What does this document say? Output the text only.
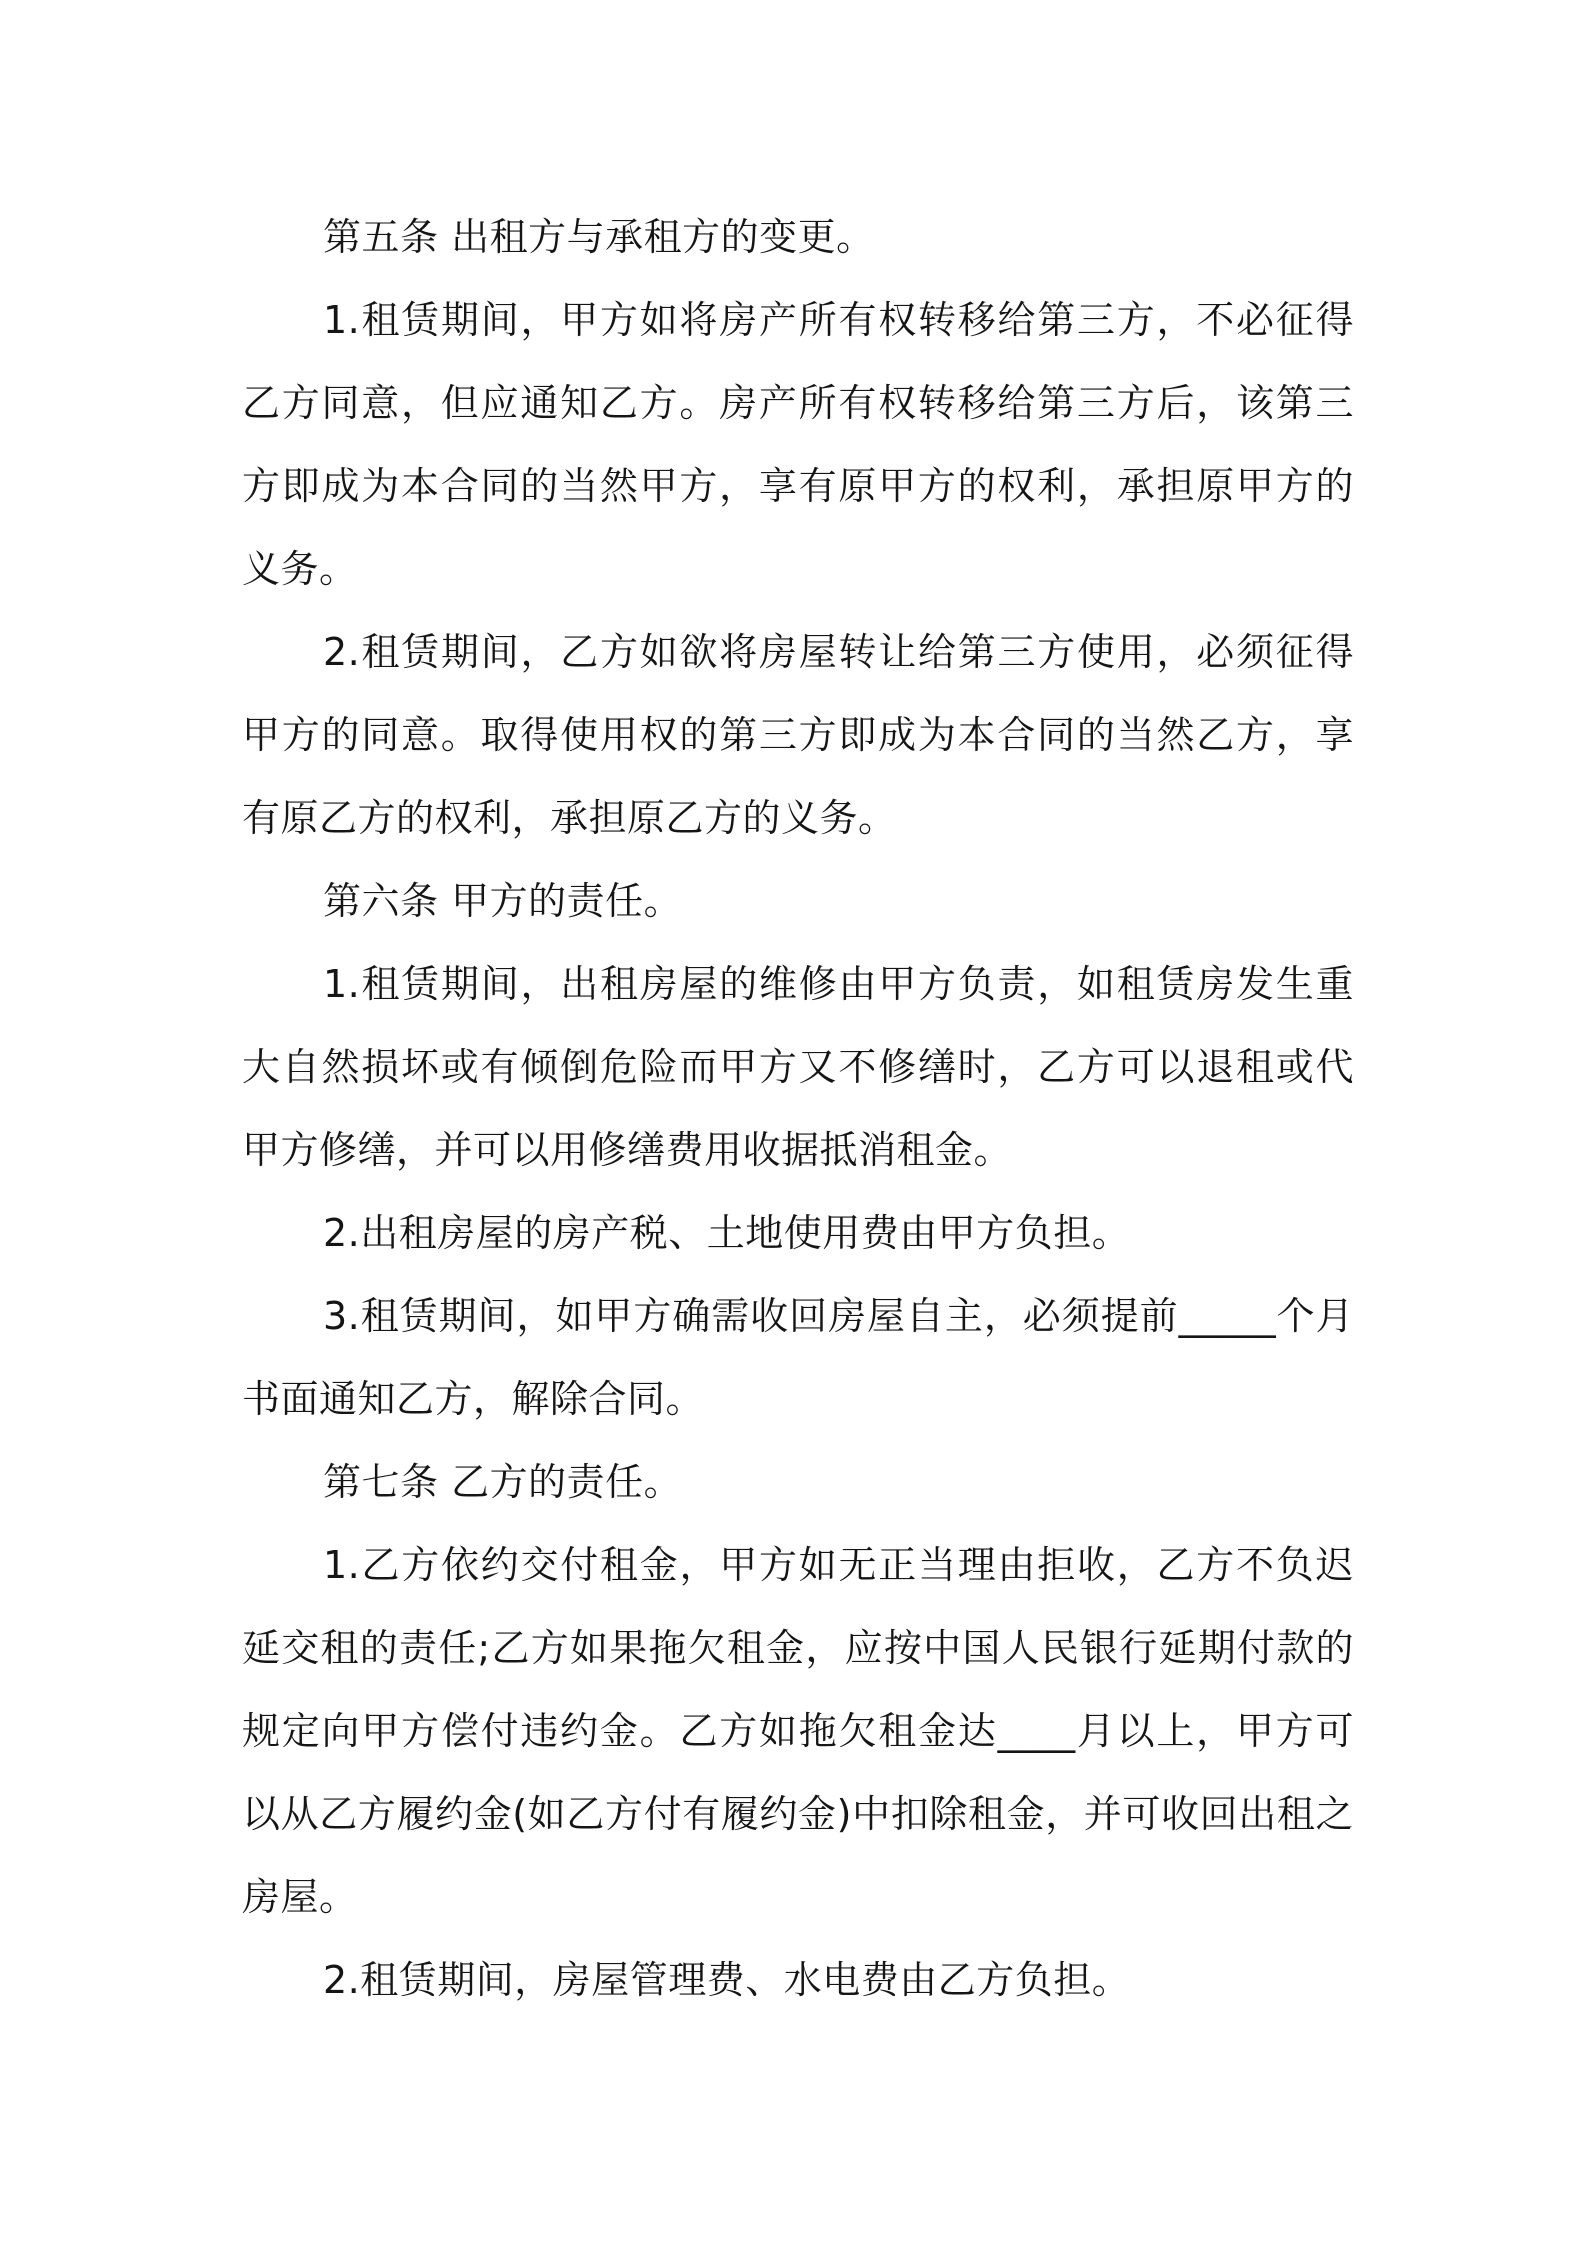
第五条 出租方与承租方的变更。

1.租赁期间，甲方如将房产所有权转移给第三方，不必征得乙方同意，但应通知乙方。房产所有权转移给第三方后，该第三方即成为本合同的当然甲方，享有原甲方的权利，承担原甲方的义务。

2.租赁期间，乙方如欲将房屋转让给第三方使用，必须征得甲方的同意。取得使用权的第三方即成为本合同的当然乙方，享有原乙方的权利，承担原乙方的义务。

第六条 甲方的责任。

1.租赁期间，出租房屋的维修由甲方负责，如租赁房发生重大自然损坏或有倾倒危险而甲方又不修缮时，乙方可以退租或代甲方修缮，并可以用修缮费用收据抵消租金。

2.出租房屋的房产税、土地使用费由甲方负担。

3.租赁期间，如甲方确需收回房屋自主，必须提前_____个月书面通知乙方，解除合同。

第七条 乙方的责任。

1.乙方依约交付租金，甲方如无正当理由拒收，乙方不负迟延交租的责任;乙方如果拖欠租金，应按中国人民银行延期付款的规定向甲方偿付违约金。乙方如拖欠租金达____月以上，甲方可以从乙方履约金(如乙方付有履约金)中扣除租金，并可收回出租之房屋。

2.租赁期间，房屋管理费、水电费由乙方负担。
